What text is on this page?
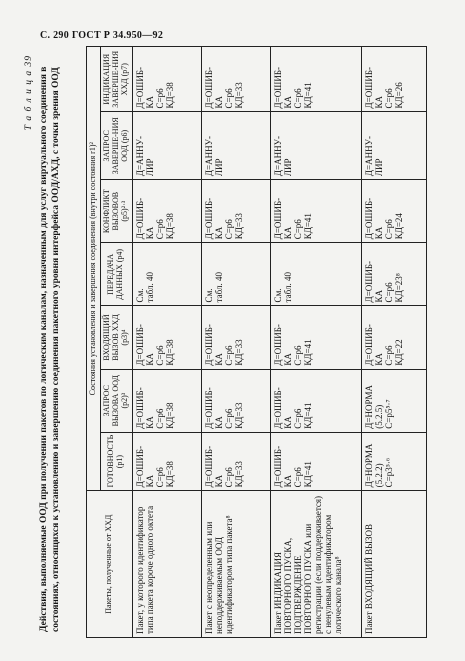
С. 290 ГОСТ Р 34.950—92
Т а б л и ц а 39 Действия, выполняемые ООД при получении пакетов по логическим каналам, назначенным для услуг виртуальнoго соединения в состояниях, относящихся к установлению и завершению соединения пакетного уровня интерфейса ООД/АХД, с точки зрения ООД	Пакеты, полученные от ХХД	Состояния установления и завершения соединения (внутри состояния r1)²						
	ГОТОВНОСТЬ (p1)	ЗАПРОС ВЫЗОВА ООД (p2)³	ВХОДЯЩИЙ ВЫЗОВ ХХД (p3)⁴	ПЕРЕДАЧА ДАННЫХ (p4)	КОНФЛИКТ ВЫЗОВОВ (p5)²·³	ЗАПРОС ЗАВЕРШЕ-НИЯ ООД (p6)	ИНДИКАЦИЯ ЗАВЕРШЕ-НИЯ ХХД (p7)
Пакет, у которого идентификатор типа пакета короче одного октета	Д=ОШИБ- КА С=р6 КД=38	Д=ОШИБ- КА С=р6 КД=38	Д=ОШИБ- КА С=р6 КД=38	См. табл. 40	Д=ОШИБ- КА С=р6 КД=38	Д=АННУ- ЛИР	Д=ОШИБ- КА С=р6 КД=38

Пакет с неопределенным или неподдерживаемым ООД идентификатором типа пакета⁸	Д=ОШИБ- КА С=р6 КД=33	Д=ОШИБ- КА С=р6 КД=33	Д=ОШИБ- КА С=р6 КД=33	См. табл. 40	Д=ОШИБ- КА С=р6 КД=33	Д=АННУ- ЛИР	Д=ОШИБ- КА С=р6 КД=33

Пакет ИНДИКАЦИЯ ПОВТОРНОГО ПУСКА, ПОДТВЕРЖДЕНИЕ ПОВТОРНОГО ПУСКА или регистрации (если поддерживается) с ненулевым идентификатором логического канала⁸	Д=ОШИБ- КА С=р6 КД=41	Д=ОШИБ- КА С=р6 КД=41	Д=ОШИБ- КА С=р6 КД=41	См. табл. 40	Д=ОШИБ- КА С=р6 КД=41	Д=АННУ- ЛИР	Д=ОШИБ- КА С=р6 КД=41

Пакет ВХОДЯЩИЙ ВЫЗОВ	Д=НОРМА (5.2.2) С=р3⁵·⁶	Д=НОРМА (5.2.5) С=р5⁵·⁷	Д=ОШИБ- КА С=р6 КД=22	Д=ОШИБ- КА С=р6 КД=23⁸	Д=ОШИБ- КА С=р6 КД=24	Д=АННУ- ЛИР	Д=ОШИБ- КА С=р6 КД=26
